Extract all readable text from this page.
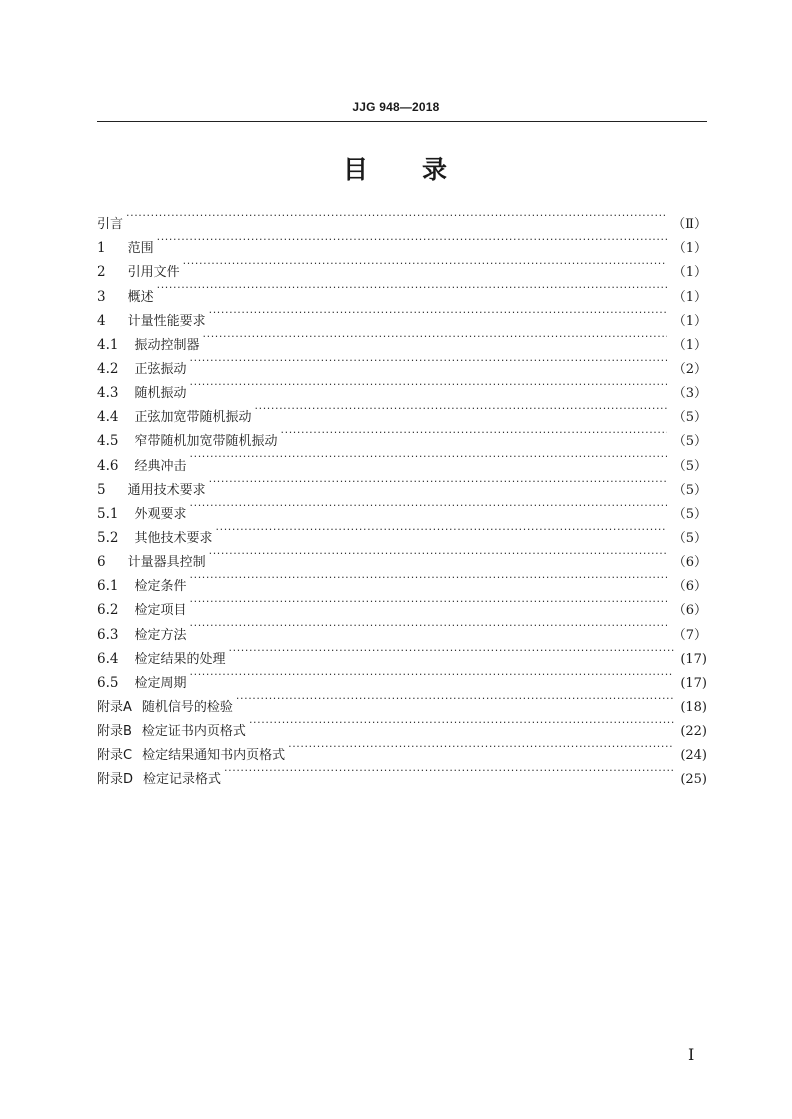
JJG 948—2018
目 录
引言 ·····	（Ⅱ）
1 范围 ·····	（1）
2 引用文件 ·····	（1）
3 概述 ·····	（1）
4 计量性能要求 ·····	（1）
4.1 振动控制器 ·····	（1）
4.2 正弦振动 ·····	（2）
4.3 随机振动 ·····	（3）
4.4 正弦加宽带随机振动 ·····	（5）
4.5 窄带随机加宽带随机振动 ·····	（5）
4.6 经典冲击 ·····	（5）
5 通用技术要求 ·····	（5）
5.1 外观要求 ·····	（5）
5.2 其他技术要求 ·····	（5）
6 计量器具控制 ·····	（6）
6.1 检定条件 ·····	（6）
6.2 检定项目 ·····	（6）
6.3 检定方法 ·····	（7）
6.4 检定结果的处理 ·····	(17)
6.5 检定周期 ·····	(17)
附录A 随机信号的检验 ·····	(18)
附录B 检定证书内页格式 ·····	(22)
附录C 检定结果通知书内页格式 ·····	(24)
附录D 检定记录格式 ·····	(25)
I
